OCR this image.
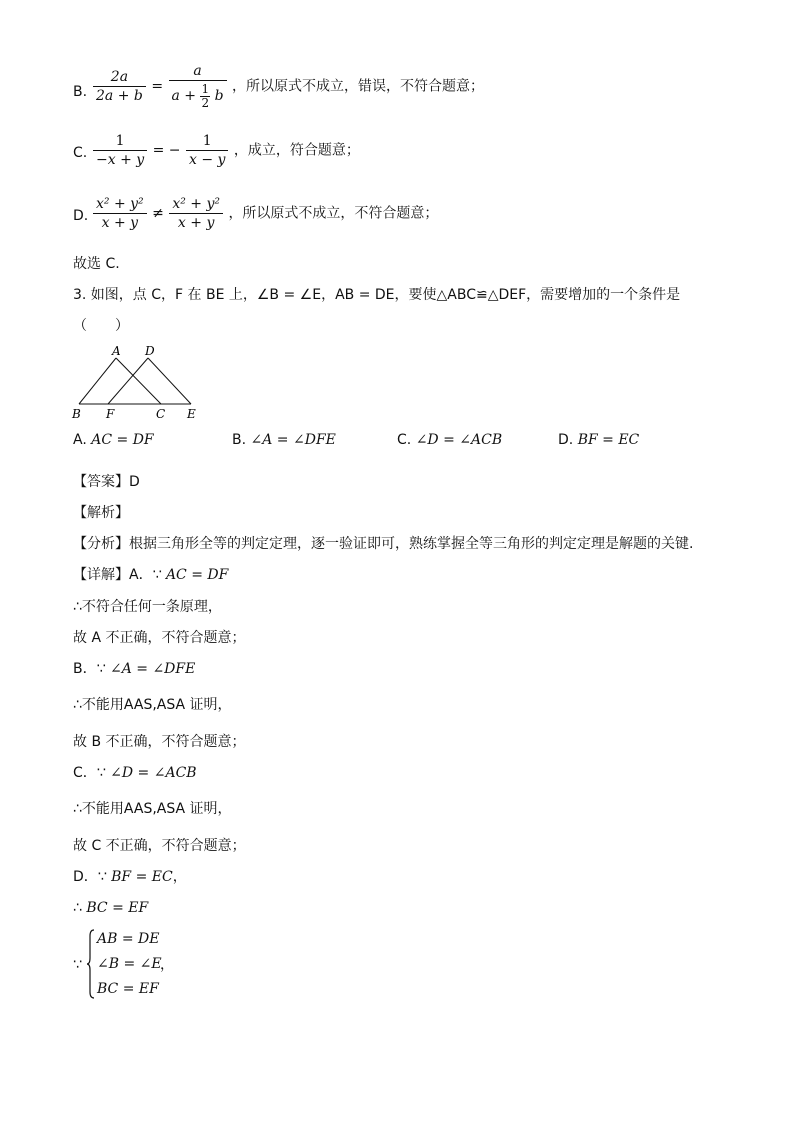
B. $\frac{2a}{2a + b} = \frac{a}{a + \frac{1}{2} b}$ ，所以原式不成立，错误，不符合题意；
C. $\frac{1}{-x + y}$ = − $\frac{1}{x - y}$ ，成立，符合题意；
D. $\frac{\text{x² + y²}}{x + y} \ne \frac{\text{x² + y²}}{x + y}$ ，所以原式不成立，不符合题意；
故选 C.
3. 如图，点 C，F 在 BE 上，∠B = ∠E，AB = DE，要使△ABC≌△DEF，需要增加的一个条件是
（　　）
A D
B F	C E
A. AC = DF	B. ∠A = ∠DFE	C. ∠D = ∠ACB	D. BF = EC
【答案】D
【解析】
【分析】根据三角形全等的判定定理，逐一验证即可，熟练掌握全等三角形的判定定理是解题的关键.
【详解】A．∵ AC = DF
∴不符合任何一条原理，
故 A 不正确，不符合题意；
B．∵ ∠A = ∠DFE
∴不能用AAS,ASA 证明，
故 B 不正确，不符合题意；
C．∵ ∠D = ∠ACB
∴不能用AAS,ASA 证明，
故 C 不正确，不符合题意；
D．∵ BF = EC，
∴ BC = EF
∵
AB = DE
∠B = ∠E
BC = EF
，
